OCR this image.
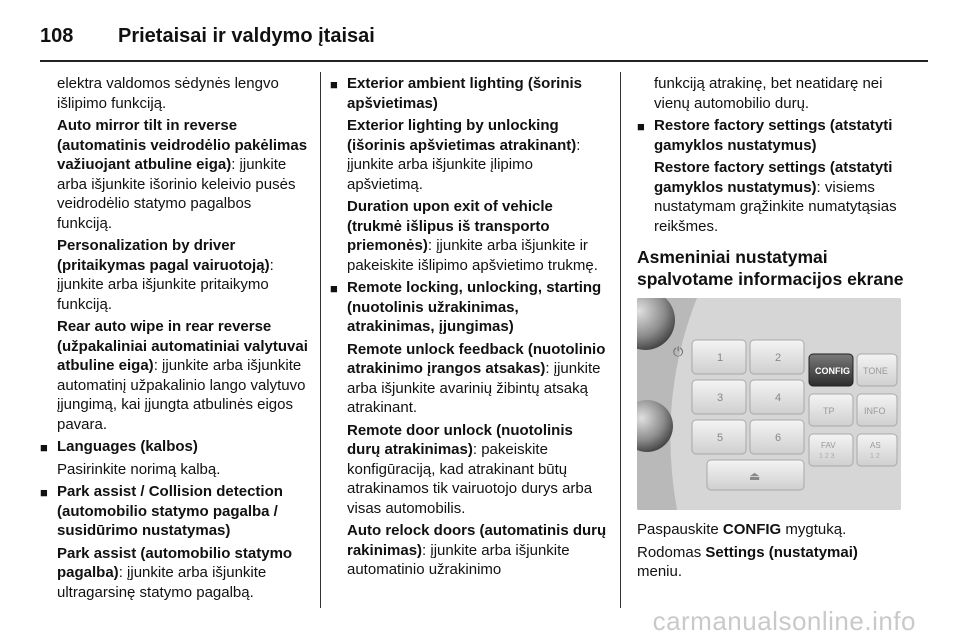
108	Prietaisai ir valdymo įtaisai

elektra valdomos sėdynės lengvo išlipimo funkciją.

Auto mirror tilt in reverse (automatinis veidrodėlio pakėlimas važiuojant atbuline eiga): įjunkite arba išjunkite išorinio keleivio pusės veidrodėlio statymo pagalbos funkciją.

Personalization by driver (pritaikymas pagal vairuotoją): įjunkite arba išjunkite pritaikymo funkciją.

Rear auto wipe in rear reverse (užpakaliniai automatiniai valytuvai atbuline eiga): įjunkite arba išjunkite automatinį užpakalinio lango valytuvo įjungimą, kai įjungta atbulinės eigos pavara.

■ Languages (kalbos)

Pasirinkite norimą kalbą.

■ Park assist / Collision detection (automobilio statymo pagalba / susidūrimo nustatymas)

Park assist (automobilio statymo pagalba): įjunkite arba išjunkite ultragarsinę statymo pagalbą.

■ Exterior ambient lighting (šorinis apšvietimas)

Exterior lighting by unlocking (išorinis apšvietimas atrakinant): įjunkite arba išjunkite įlipimo apšvietimą.

Duration upon exit of vehicle (trukmė išlipus iš transporto priemonės): įjunkite arba išjunkite ir pakeiskite išlipimo apšvietimo trukmę.

■ Remote locking, unlocking, starting (nuotolinis užrakinimas, atrakinimas, įjungimas)

Remote unlock feedback (nuotolinio atrakinimo įrangos atsakas): įjunkite arba išjunkite avarinių žibintų atsaką atrakinant.

Remote door unlock (nuotolinis durų atrakinimas): pakeiskite konfigūraciją, kad atrakinant būtų atrakinamos tik vairuotojo durys arba visas automobilis.

Auto relock doors (automatinis durų rakinimas): įjunkite arba išjunkite automatinio užrakinimo

funkciją atrakinę, bet neatidarę nei vienų automobilio durų.

■ Restore factory settings (atstatyti gamyklos nustatymus)

Restore factory settings (atstatyti gamyklos nustatymus): visiems nustatymam grąžinkite numatytąsias reikšmes.

Asmeniniai nustatymai spalvotame informacijos ekrane
⏻	1	2
3	4
5	6
⏏
CONFIG TONE
TP	INFO
FAV
1 2 3
AS
1 2

Paspauskite CONFIG mygtuką.

Rodomas Settings (nustatymai) meniu.

carmanualsonline.info
